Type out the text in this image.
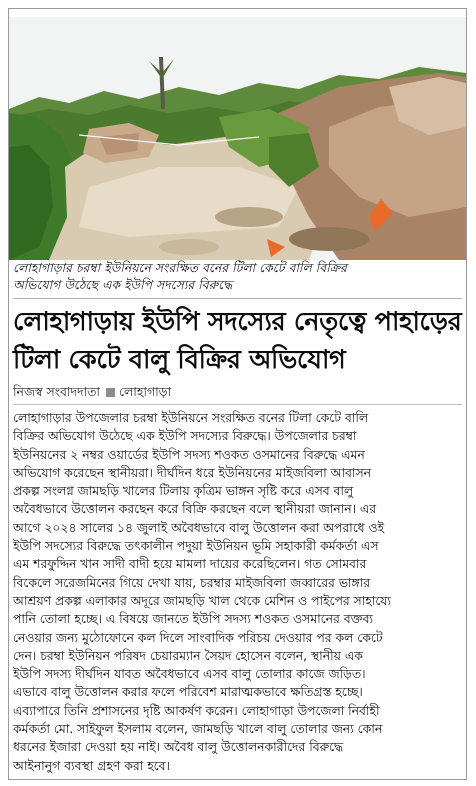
লোহাগাড়ার চরম্বা ইউনিয়নে সংরক্ষিত বনের টিলা কেটে বালি বিক্রির
অভিযোগ উঠেছে এক ইউপি সদস্যের বিরুদ্ধে
লোহাগাড়ায় ইউপি সদস্যের নেতৃত্বে পাহাড়ের
টিলা কেটে বালু বিক্রির অভিযোগ
নিজস্ব সংবাদদাতা লোহাগাড়া
লোহাগাড়ার উপজেলার চরম্বা ইউনিয়নে সংরক্ষিত বনের টিলা কেটে বালি
বিক্রির অভিযোগ উঠেছে এক ইউপি সদস্যের বিরুদ্ধে। উপজেলার চরম্বা
ইউনিয়নের ২ নম্বর ওয়ার্ডের ইউপি সদস্য শওকত ওসমানের বিরুদ্ধে এমন
অভিযোগ করেছেন স্থানীয়রা। দীর্ঘদিন ধরে ইউনিয়নের মাইজবিলা আবাসন
প্রকল্প সংলগ্ন জামছড়ি খালের টিলায় কৃত্রিম ভাঙ্গন সৃষ্টি করে এসব বালু
অবৈধভাবে উত্তোলন করছেন করে বিক্রি করছেন বলে স্থানীয়রা জানান। এর
আগে ২০২৪ সালের ১৪ জুলাই অবৈধভাবে বালু উত্তোলন করা অপরাধে ওই
ইউপি সদস্যের বিরুদ্ধে তৎকালীন পদুয়া ইউনিয়ন ভূমি সহাকারী কর্মকর্তা এস
এম শরফুদ্দিন খান সাদী বাদী হয়ে মামলা দায়ের করেছিলেন। গত সোমবার
বিকেলে সরেজমিনের গিয়ে দেখা যায়, চরম্বার মাইজবিলা জব্বারের ভাঙ্গার
আশ্রয়ণ প্রকল্প এলাকার অদূরে জামছড়ি খাল থেকে মেশিন ও পাইপের সাহায্যে
পানি তোলা হচ্ছে। এ বিষয়ে জানতে ইউপি সদস্য শওকত ওসমানের বক্তব্য
নেওয়ার জন্য মুঠোফোনে কল দিলে সাংবাদিক পরিচয় দেওয়ার পর কল কেটে
দেন। চরম্বা ইউনিয়ন পরিষদ চেয়ারম্যান সৈয়দ হোসেন বলেন, স্থানীয় এক
ইউপি সদস্য দীর্ঘদিন যাবত অবৈধভাবে এসব বালু তোলার কাজে জড়িত।
এভাবে বালু উত্তোলন করার ফলে পরিবেশ মারাত্মকভাবে ক্ষতিগ্রস্ত হচ্ছে।
এব্যাপারে তিনি প্রশাসনের দৃষ্টি আকর্ষণ করেন। লোহাগাড়া উপজেলা নির্বাহী
কর্মকর্তা মো. সাইফুল ইসলাম বলেন, জামছড়ি খালে বালু তোলার জন্য কোন
ধরনের ইজারা দেওয়া হয় নাই। অবৈধ বালু উত্তোলনকারীদের বিরুদ্ধে
আইনানুগ ব্যবস্থা গ্রহণ করা হবে।
